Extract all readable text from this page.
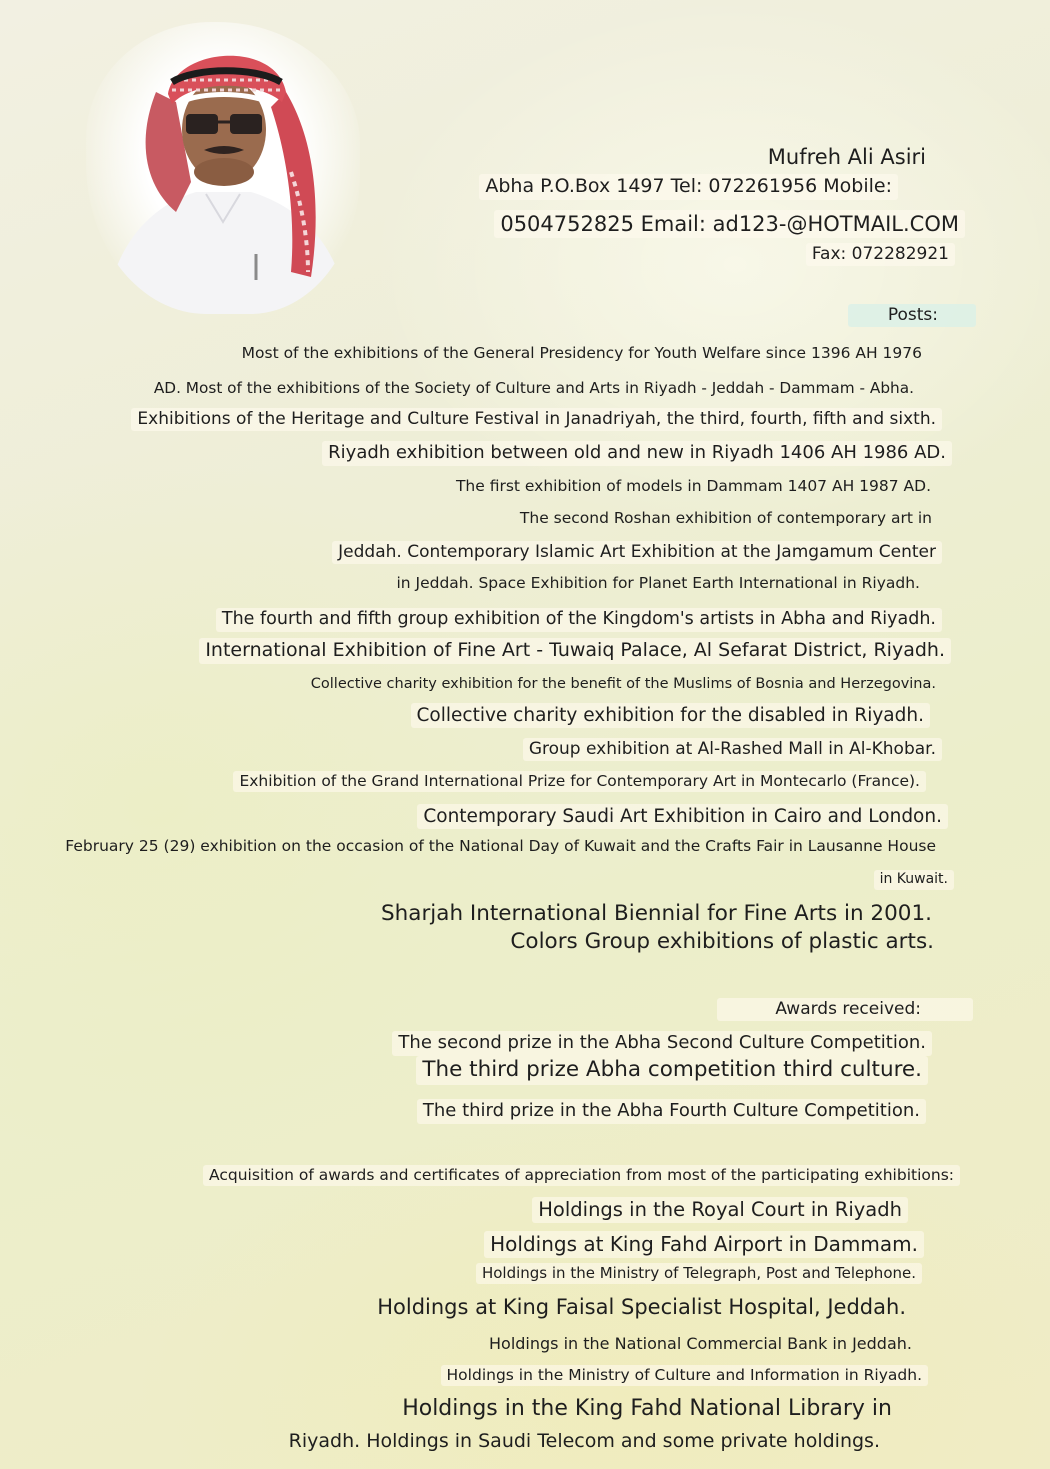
Mufreh Ali Asiri
Abha P.O.Box 1497 Tel: 072261956 Mobile:
0504752825 Email: ad123-@HOTMAIL.COM
Fax: 072282921
Posts:
Most of the exhibitions of the General Presidency for Youth Welfare since 1396 AH 1976
AD. Most of the exhibitions of the Society of Culture and Arts in Riyadh - Jeddah - Dammam - Abha.
Exhibitions of the Heritage and Culture Festival in Janadriyah, the third, fourth, fifth and sixth.
Riyadh exhibition between old and new in Riyadh 1406 AH 1986 AD.
The first exhibition of models in Dammam 1407 AH 1987 AD.
The second Roshan exhibition of contemporary art in
Jeddah. Contemporary Islamic Art Exhibition at the Jamgamum Center
in Jeddah. Space Exhibition for Planet Earth International in Riyadh.
The fourth and fifth group exhibition of the Kingdom's artists in Abha and Riyadh.
International Exhibition of Fine Art - Tuwaiq Palace, Al Sefarat District, Riyadh.
Collective charity exhibition for the benefit of the Muslims of Bosnia and Herzegovina.
Collective charity exhibition for the disabled in Riyadh.
Group exhibition at Al-Rashed Mall in Al-Khobar.
Exhibition of the Grand International Prize for Contemporary Art in Montecarlo (France).
Contemporary Saudi Art Exhibition in Cairo and London.
February 25 (29) exhibition on the occasion of the National Day of Kuwait and the Crafts Fair in Lausanne House
in Kuwait.
Sharjah International Biennial for Fine Arts in 2001.
Colors Group exhibitions of plastic arts.
Awards received:
The second prize in the Abha Second Culture Competition.
The third prize Abha competition third culture.
The third prize in the Abha Fourth Culture Competition.
Acquisition of awards and certificates of appreciation from most of the participating exhibitions:
Holdings in the Royal Court in Riyadh
Holdings at King Fahd Airport in Dammam.
Holdings in the Ministry of Telegraph, Post and Telephone.
Holdings at King Faisal Specialist Hospital, Jeddah.
Holdings in the National Commercial Bank in Jeddah.
Holdings in the Ministry of Culture and Information in Riyadh.
Holdings in the King Fahd National Library in
Riyadh. Holdings in Saudi Telecom and some private holdings.
